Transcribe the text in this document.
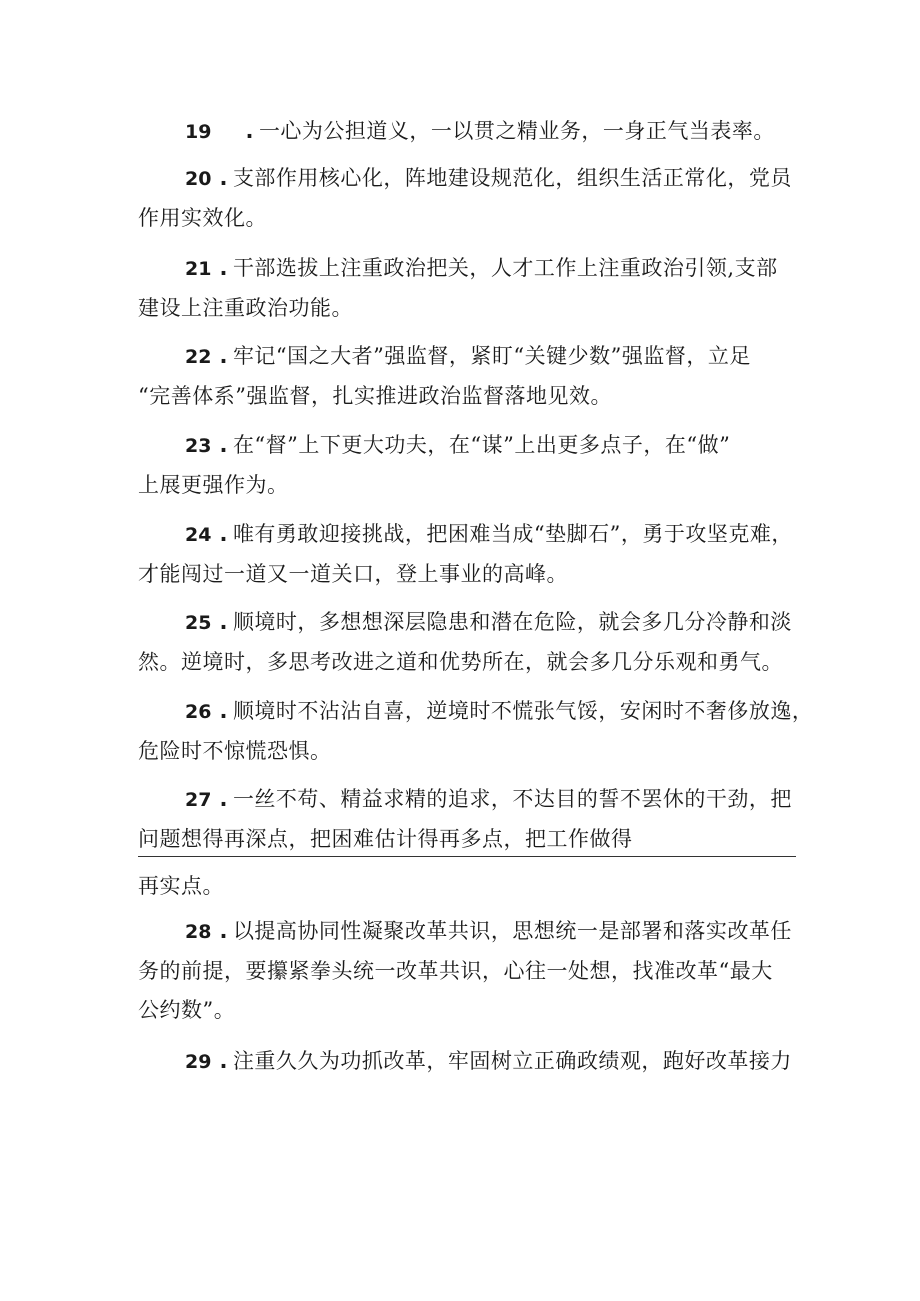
19 . 一心为公担道义，一以贯之精业务，一身正气当表率。
20 . 支部作用核心化，阵地建设规范化，组织生活正常化，党员
作用实效化。
21 . 干部选拔上注重政治把关，人才工作上注重政治引领,支部
建设上注重政治功能。
22 . 牢记“国之大者”强监督，紧盯“关键少数”强监督，立足
“完善体系”强监督，扎实推进政治监督落地见效。
23 . 在“督”上下更大功夫，在“谋”上出更多点子，在“做”
上展更强作为。
24 . 唯有勇敢迎接挑战，把困难当成“垫脚石”，勇于攻坚克难，
才能闯过一道又一道关口，登上事业的高峰。
25 . 顺境时，多想想深层隐患和潜在危险，就会多几分冷静和淡
然。逆境时，多思考改进之道和优势所在，就会多几分乐观和勇气。
26 . 顺境时不沾沾自喜，逆境时不慌张气馁，安闲时不奢侈放逸，
危险时不惊慌恐惧。
27 . 一丝不苟、精益求精的追求，不达目的誓不罢休的干劲，把
问题想得再深点，把困难估计得再多点，把工作做得
再实点。
28 . 以提高协同性凝聚改革共识，思想统一是部署和落实改革任
务的前提，要攥紧拳头统一改革共识，心往一处想，找准改革“最大
公约数”。
29 . 注重久久为功抓改革，牢固树立正确政绩观，跑好改革接力
